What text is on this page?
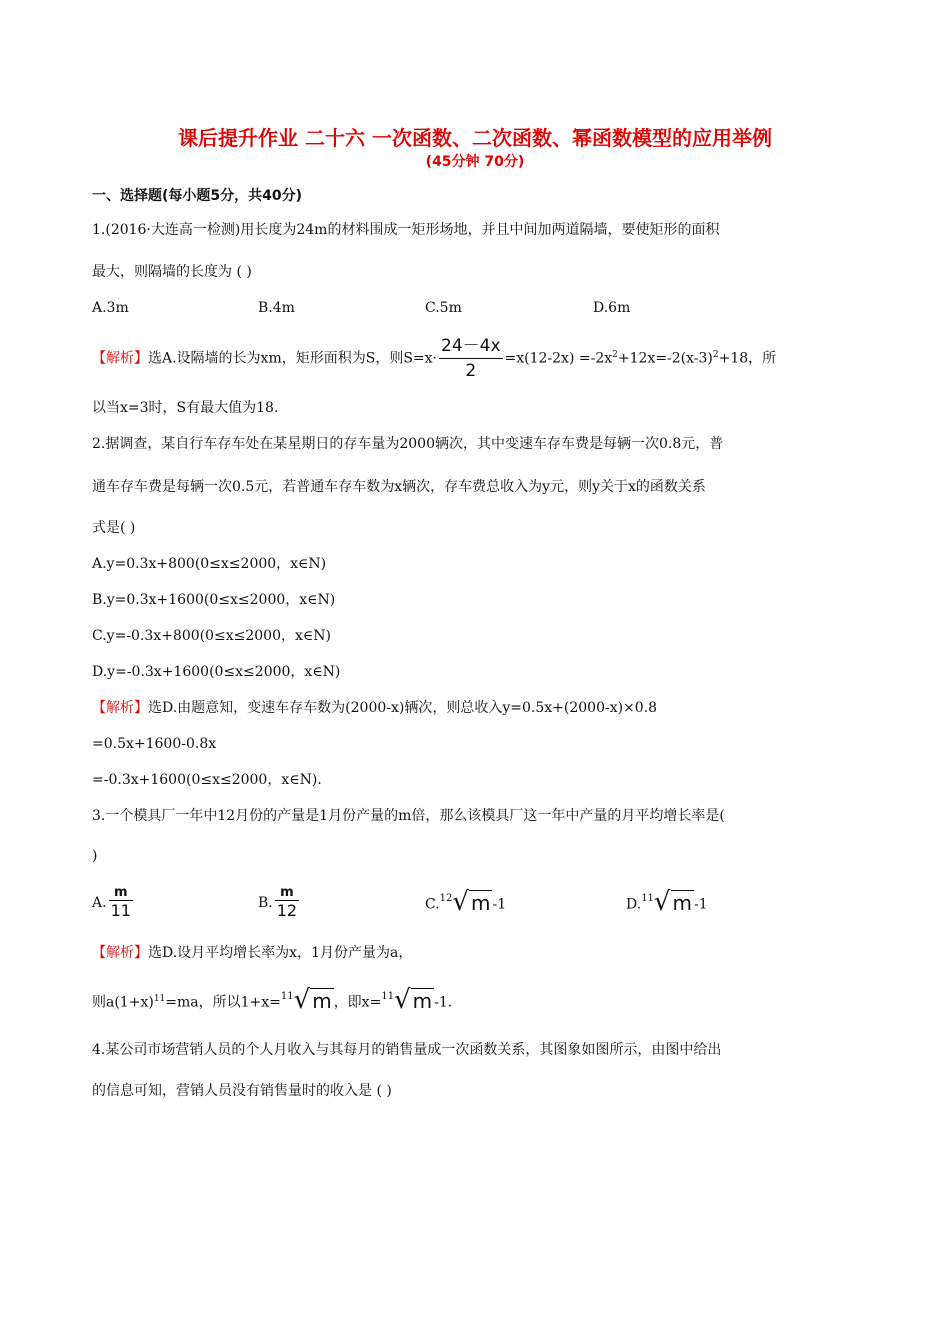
课后提升作业 二十六 一次函数、二次函数、幂函数模型的应用举例
(45分钟 70分)
一、选择题(每小题5分，共40分)
1.(2016·大连高一检测)用长度为24m的材料围成一矩形场地，并且中间加两道隔墙，要使矩形的面积
最大，则隔墙的长度为 ( )
A.3m	B.4m	C.5m	D.6m
【解析】选A.设隔墙的长为xm，矩形面积为S，则$S=x\cdot \frac{24-4x}{2} =x(12-2x) =-2x^2+12x=-2(x-3)^2+18$，所
以当x=3时，S有最大值为18.
2.据调查，某自行车存车处在某星期日的存车量为2000辆次，其中变速车存车费是每辆一次0.8元，普
通车存车费是每辆一次0.5元，若普通车存车数为x辆次，存车费总收入为y元，则y关于x的函数关系
式是( )
A.y=0.3x+800(0≤x≤2000，x∈N)
B.y=0.3x+1600(0≤x≤2000，x∈N)
C.y=-0.3x+800(0≤x≤2000，x∈N)
D.y=-0.3x+1600(0≤x≤2000，x∈N)
【解析】选D.由题意知，变速车存车数为(2000-x)辆次，则总收入y=0.5x+(2000-x)×0.8
=0.5x+1600-0.8x
=-0.3x+1600(0≤x≤2000，x∈N).
3.一个模具厂一年中12月份的产量是1月份产量的m倍，那么该模具厂这一年中产量的月平均增长率是(
)
A. $\frac{m}{11}$	B. $\frac{m}{12}$	C.$^{12}$√ m -1	D.$^{11}$√ m -1
【解析】选D.设月平均增长率为x，1月份产量为a，
则$a(1+x)^{11}=ma$，所以1+x=$^{11}$√ m ，即x=$^{11}$√ m -1.
4.某公司市场营销人员的个人月收入与其每月的销售量成一次函数关系，其图象如图所示，由图中给出
的信息可知，营销人员没有销售量时的收入是 ( )
